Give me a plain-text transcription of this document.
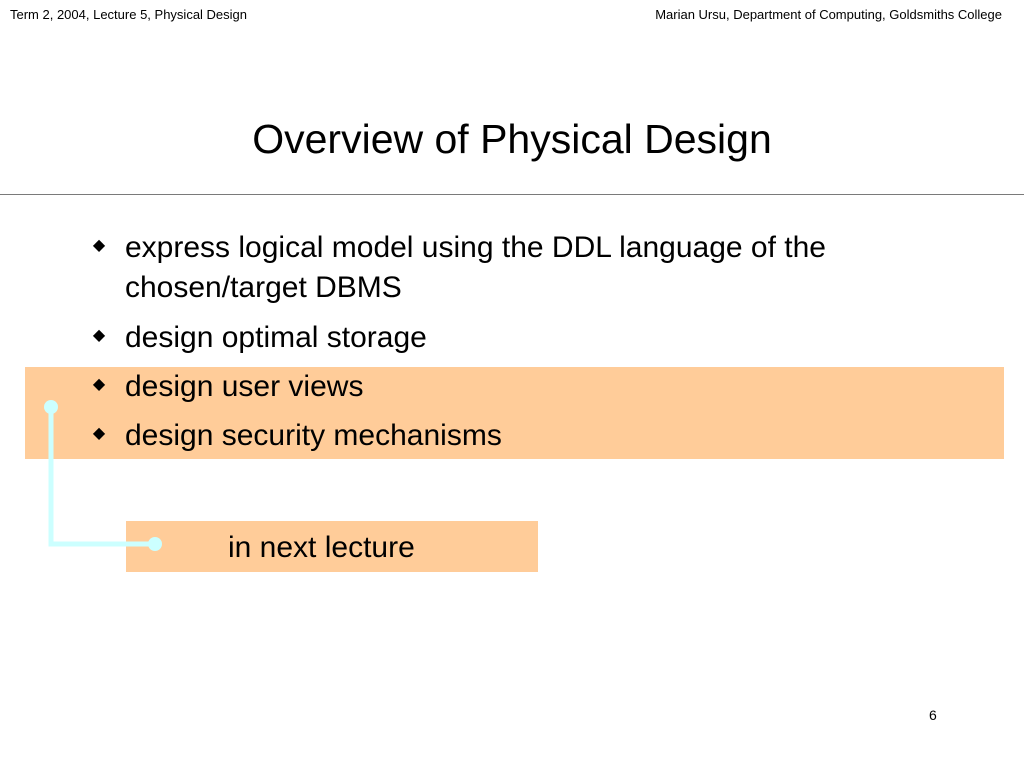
Term 2, 2004, Lecture 5, Physical Design	Marian Ursu, Department of Computing, Goldsmiths College
Overview of Physical Design
◆ express logical model using the DDL language of the chosen/target DBMS
◆ design optimal storage
◆ design user views
◆ design security mechanisms
in next lecture
6
